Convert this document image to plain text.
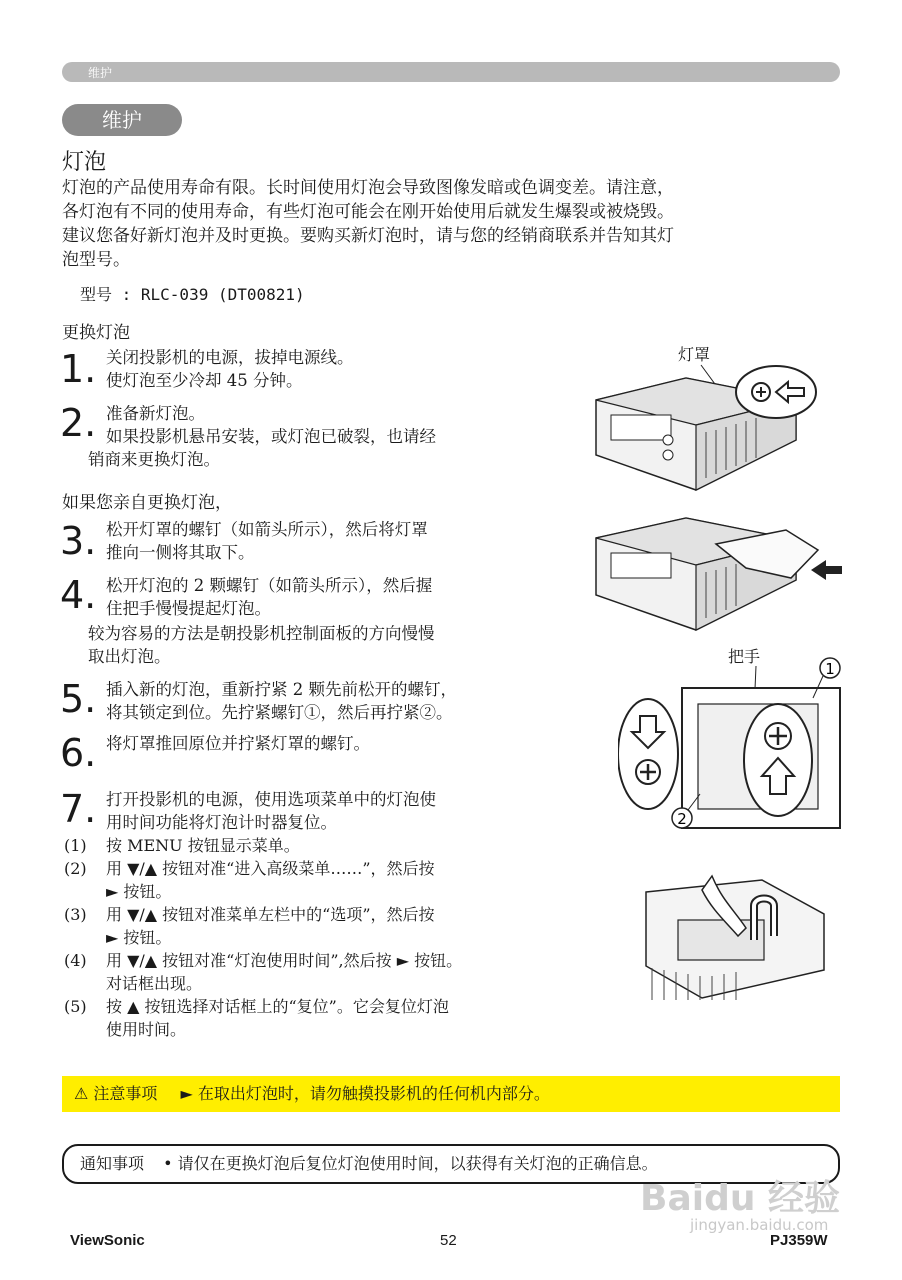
维护
维护
灯泡
灯泡的产品使用寿命有限。长时间使用灯泡会导致图像发暗或色调变差。请注意，
各灯泡有不同的使用寿命，有些灯泡可能会在刚开始使用后就发生爆裂或被烧毁。
建议您备好新灯泡并及时更换。要购买新灯泡时，请与您的经销商联系并告知其灯
泡型号。
型号 : RLC-039 (DT00821)
更换灯泡
1. 关闭投影机的电源，拔掉电源线。
使灯泡至少冷却 45 分钟。
2. 准备新灯泡。
如果投影机悬吊安装，或灯泡已破裂，也请经
销商来更换灯泡。
如果您亲自更换灯泡，
3. 松开灯罩的螺钉（如箭头所示），然后将灯罩
推向一侧将其取下。
4. 松开灯泡的 2 颗螺钉（如箭头所示），然后握
住把手慢慢提起灯泡。
较为容易的方法是朝投影机控制面板的方向慢慢
取出灯泡。
5. 插入新的灯泡，重新拧紧 2 颗先前松开的螺钉，
将其锁定到位。先拧紧螺钉①，然后再拧紧②。
6. 将灯罩推回原位并拧紧灯罩的螺钉。
7. 打开投影机的电源，使用选项菜单中的灯泡使
用时间功能将灯泡计时器复位。
(1)	按 MENU 按钮显示菜单。
(2)	用 ▼/▲ 按钮对准“进入高级菜单……”，然后按
► 按钮。
(3)	用 ▼/▲ 按钮对准菜单左栏中的“选项”，然后按
► 按钮。
(4)	用 ▼/▲ 按钮对准“灯泡使用时间”,然后按 ► 按钮。
对话框出现。
(5)	按 ▲ 按钮选择对话框上的“复位”。它会复位灯泡
使用时间。
灯罩
把手
1
2
⚠ 注意事项 ► 在取出灯泡时，请勿触摸投影机的任何机内部分。
通知事项 • 请仅在更换灯泡后复位灯泡使用时间，以获得有关灯泡的正确信息。
Baidu 经验
jingyan.baidu.com
ViewSonic	52	PJ359W
